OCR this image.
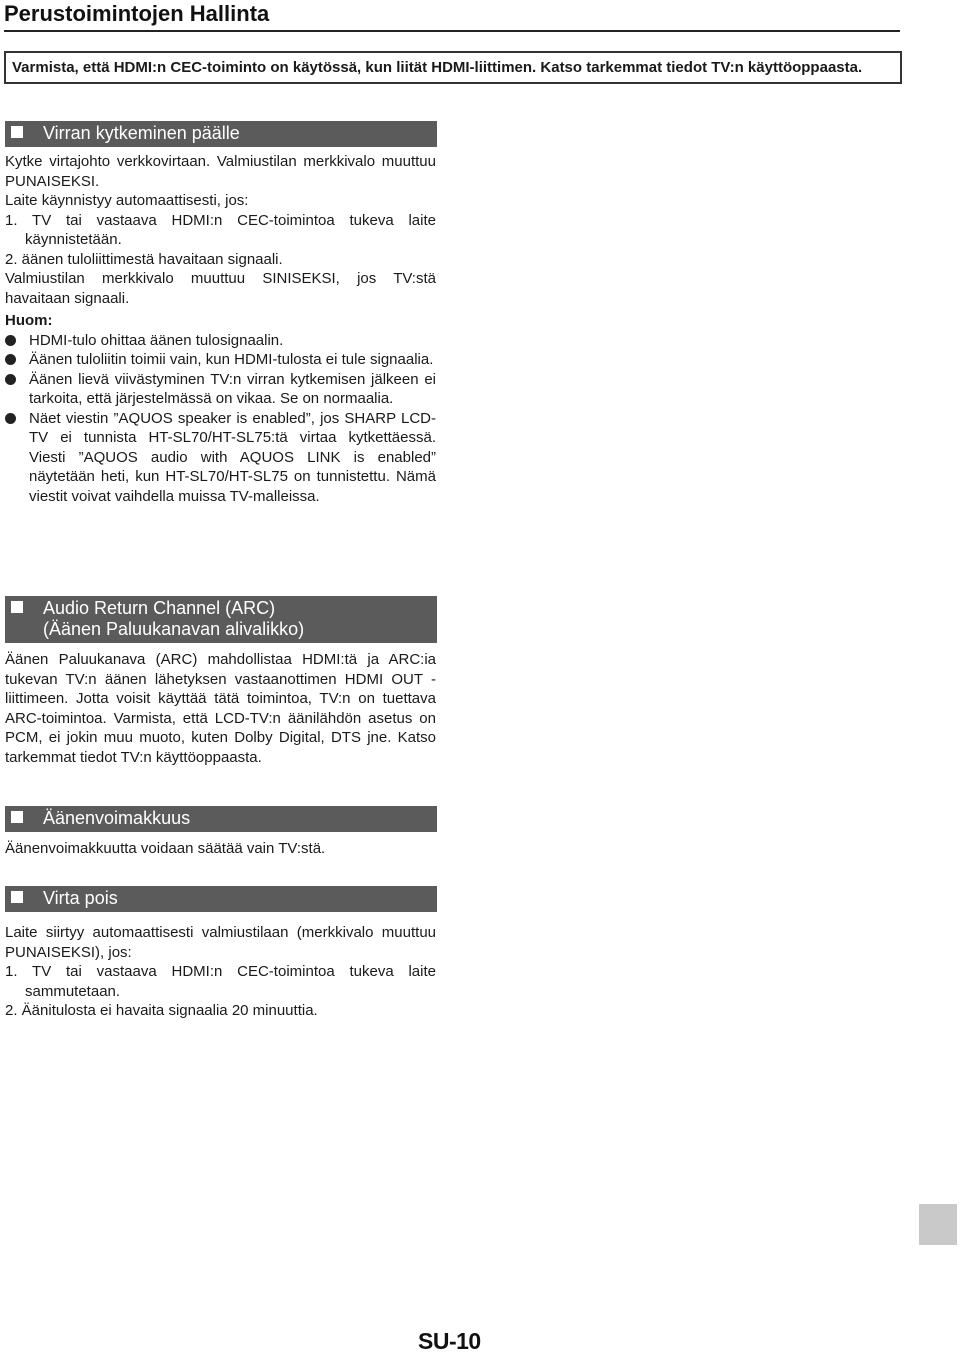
Perustoimintojen Hallinta
Varmista, että HDMI:n CEC-toiminto on käytössä, kun liität HDMI-liittimen. Katso tarkemmat tiedot TV:n käyttöoppaasta.
Virran kytkeminen päälle

Kytke virtajohto verkkovirtaan. Valmiustilan merkkivalo muuttuu PUNAISEKSI.

Laite käynnistyy automaattisesti, jos:

1. TV tai vastaava HDMI:n CEC-toimintoa tukeva laite käynnistetään.

2. äänen tuloliittimestä havaitaan signaali.

Valmiustilan merkkivalo muuttuu SINISEKSI, jos TV:stä havaitaan signaali.

Huom:

HDMI-tulo ohittaa äänen tulosignaalin.
Äänen tuloliitin toimii vain, kun HDMI-tulosta ei tule signaalia.
Äänen lievä viivästyminen TV:n virran kytkemisen jälkeen ei tarkoita, että järjestelmässä on vikaa. Se on normaalia.
Näet viestin ”AQUOS speaker is enabled”, jos SHARP LCD-TV ei tunnista HT-SL70/HT-SL75:tä virtaa kytkettäessä. Viesti ”AQUOS audio with AQUOS LINK is enabled” näytetään heti, kun HT-SL70/HT-SL75 on tunnistettu. Nämä viestit voivat vaihdella muissa TV-malleissa.
Audio Return Channel (ARC)
(Äänen Paluukanavan alivalikko)

Äänen Paluukanava (ARC) mahdollistaa HDMI:tä ja ARC:ia tukevan TV:n äänen lähetyksen vastaanottimen HDMI OUT -liittimeen. Jotta voisit käyttää tätä toimintoa, TV:n on tuettava ARC-toimintoa. Varmista, että LCD-TV:n äänilähdön asetus on PCM, ei jokin muu muoto, kuten Dolby Digital, DTS jne. Katso tarkemmat tiedot TV:n käyttöoppaasta.

Äänenvoimakkuus

Äänenvoimakkuutta voidaan säätää vain TV:stä.

Virta pois

Laite siirtyy automaattisesti valmiustilaan (merkkivalo muuttuu PUNAISEKSI), jos:

1. TV tai vastaava HDMI:n CEC-toimintoa tukeva laite sammutetaan.

2. Äänitulosta ei havaita signaalia 20 minuuttia.

SU-10
